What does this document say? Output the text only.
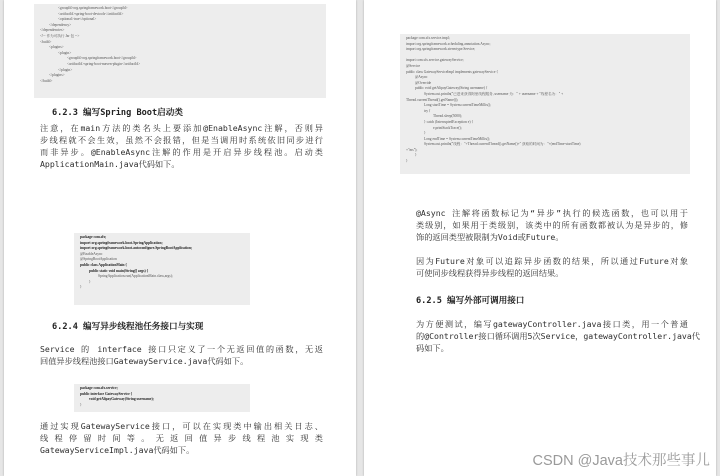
<groupId>org.springframework.boot</groupId>
<artifactId>spring-boot-devtools</artifactId>
<optional>true</optional>
</dependency>
</dependencies>
<!-- 作为可执行 Jar 包 -->
<build>
<plugins>
<plugin>
<groupId>org.springframework.boot</groupId>
<artifactId>spring-boot-maven-plugin</artifactId>
</plugin>
</plugins>
</build>
6.2.3 编写Spring Boot启动类
注意，在main方法的类名头上要添加@EnableAsync注解，否则异
步线程就不会生效，虽然不会报错，但是当调用时系统依旧同步进行
而非异步。@EnableAsync注解的作用是开启异步线程池。启动类
ApplicationMain.java代码如下。
package com.sfx;
import org.springframework.boot.SpringApplication;
import org.springframework.boot.autoconfigure.SpringBootApplication;
@EnableAsync
@SpringBootApplication
public class ApplicationMain {
public static void main(String[] args) {
SpringApplication.run(ApplicationMain.class,args);
}
}
6.2.4 编写异步线程池任务接口与实现
Service 的 interface 接口只定义了一个无返回值的函数，无返
回值异步线程池接口GatewayService.java代码如下。
package com.sfx.service;
public interface GatewayService {
void getAlipayGateway(String username);
}
通过实现GatewayService接口，可以在实现类中输出相关日志、
线 程 停 留 时 间 等 。 无 返 回 值 异 步 线 程 池 实 现 类
GatewayServiceImpl.java代码如下。
package com.sfx.service.impl;
import org.springframework.scheduling.annotation.Async;
import org.springframework.stereotype.Service;
import com.sfx.service.gatewayService;
@Service
public class GatewayServiceImpl implements gatewayService {
@Async
@Override
public void getAlipayGateway(String username) {
System.out.println("已进来获得阿里线程服务, username 为：" + username + "线程名为：" +
Thread.currentThread().getName());
Long startTime = System.currentTimeMillis();
try {
Thread.sleep(5000);
} catch (InterruptedException e) {
e.printStackTrace();
}
Long endTime = System.currentTimeMillis();
System.out.println("线程："+Thread.currentThread().getName()+" 获取的时间为："+(endTime-startTime)
+"ms");
}
}
@Async 注解将函数标记为“异步”执行的候选函数，也可以用于
类级别，如果用于类级别，该类中的所有函数都被认为是异步的，修
饰的返回类型被限制为Void或Future。
因为Future对象可以追踪异步函数的结果，所以通过Future对象
可使同步线程获得异步线程的返回结果。
6.2.5 编写外部可调用接口
为方便测试，编写gatewayController.java接口类，用一个普通
的@Controller接口循环调用5次Service，gatewayController.java代
码如下。
CSDN @Java技术那些事儿
